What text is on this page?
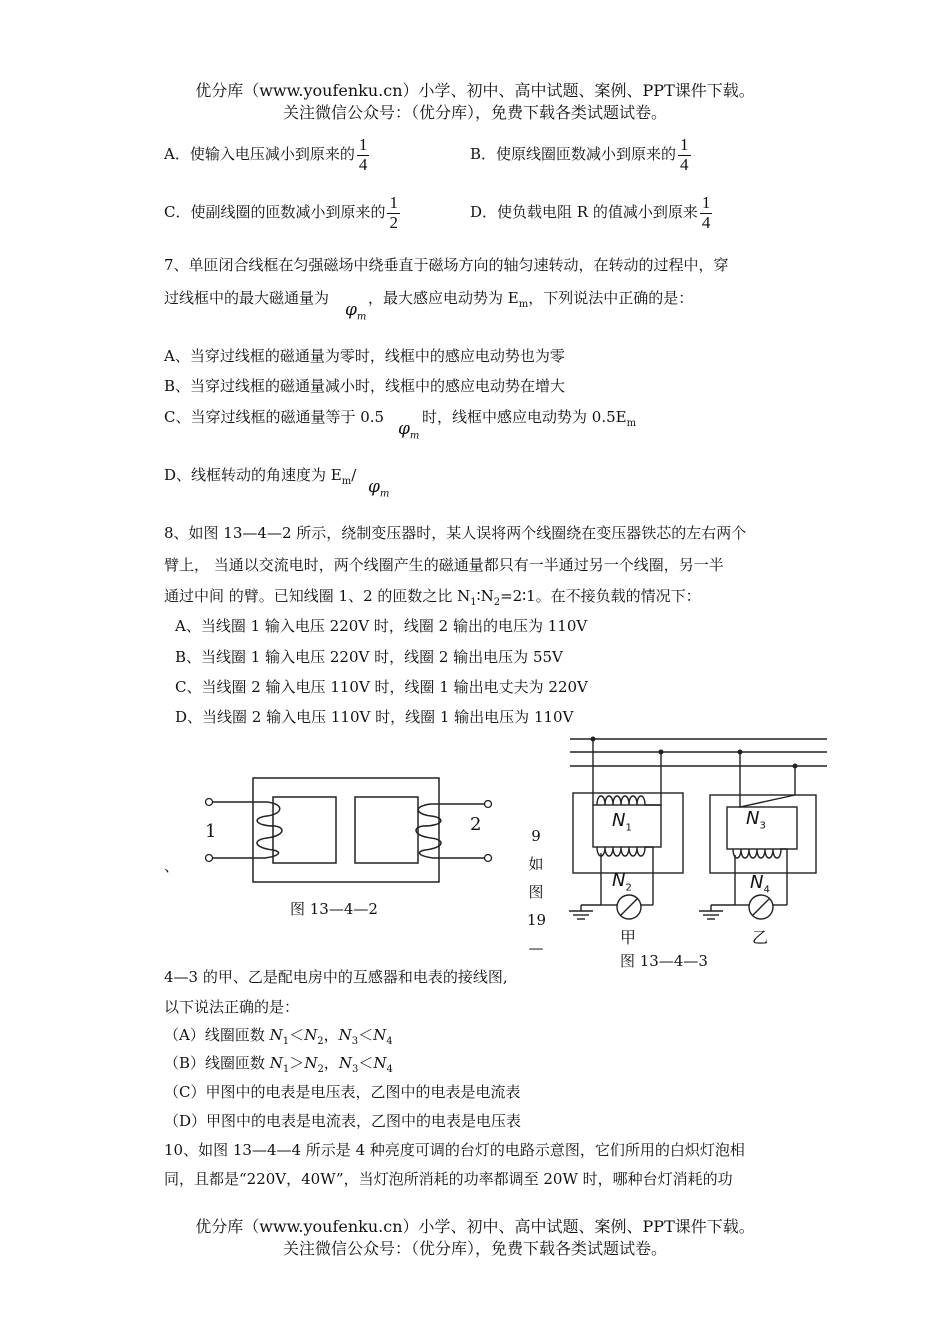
优分库（www.youfenku.cn）小学、初中、高中试题、案例、PPT课件下载。
关注微信公众号：（优分库），免费下载各类试题试卷。
A．使输入电压减小到原来的 $\frac{1}{4}$	B．使原线圈匝数减小到原来的 $\frac{1}{4}$
C．使副线圈的匝数减小到原来的 $\frac{1}{2}$	D．使负载电阻 R 的值减小到原来 $\frac{1}{4}$
7、单匝闭合线框在匀强磁场中绕垂直于磁场方向的轴匀速转动，在转动的过程中，穿
过线框中的最大磁通量为
$\varphi_m$
，最大感应电动势为 $E_m$，下列说法中正确的是：
A、当穿过线框的磁通量为零时，线框中的感应电动势也为零
B、当穿过线框的磁通量减小时，线框中的感应电动势在增大
C、当穿过线框的磁通量等于 0.5
$\varphi_m$
时，线框中感应电动势为 $0.5E_m$
D、线框转动的角速度为 $E_m/$
$\varphi_m$
8、如图 13—4—2 所示，绕制变压器时，某人误将两个线圈绕在变压器铁芯的左右两个
臂上， 当通以交流电时，两个线圈产生的磁通量都只有一半通过另一个线圈，另一半
通过中间 的臂。已知线圈 1、2 的匝数之比 $N_1∶N_2=2∶1$。在不接负载的情况下：
A、当线圈 1 输入电压 220V 时，线圈 2 输出的电压为 110V
B、当线圈 1 输入电压 220V 时，线圈 2 输出电压为 55V
C、当线圈 2 输入电压 110V 时，线圈 1 输出电丈夫为 220V
D、当线圈 2 输入电压 110V 时，线圈 1 输出电压为 110V
1	2
、
图 13—4—2
9
如
图
19
—
$N_1$
$N_2$
$N_3$
$N_4$
甲	乙
图 13—4—3
4—3 的甲、乙是配电房中的互感器和电表的接线图,
以下说法正确的是：
（A）线圈匝数 $N_1<N_2$，$N_3<N_4$
（B）线圈匝数 $N_1>N_2$，$N_3<N_4$
（C）甲图中的电表是电压表，乙图中的电表是电流表
（D）甲图中的电表是电流表，乙图中的电表是电压表
10、如图 13—4—4 所示是 4 种亮度可调的台灯的电路示意图，它们所用的白炽灯泡相
同，且都是“220V，40W”，当灯泡所消耗的功率都调至 20W 时，哪种台灯消耗的功
优分库（www.youfenku.cn）小学、初中、高中试题、案例、PPT课件下载。
关注微信公众号：（优分库），免费下载各类试题试卷。
